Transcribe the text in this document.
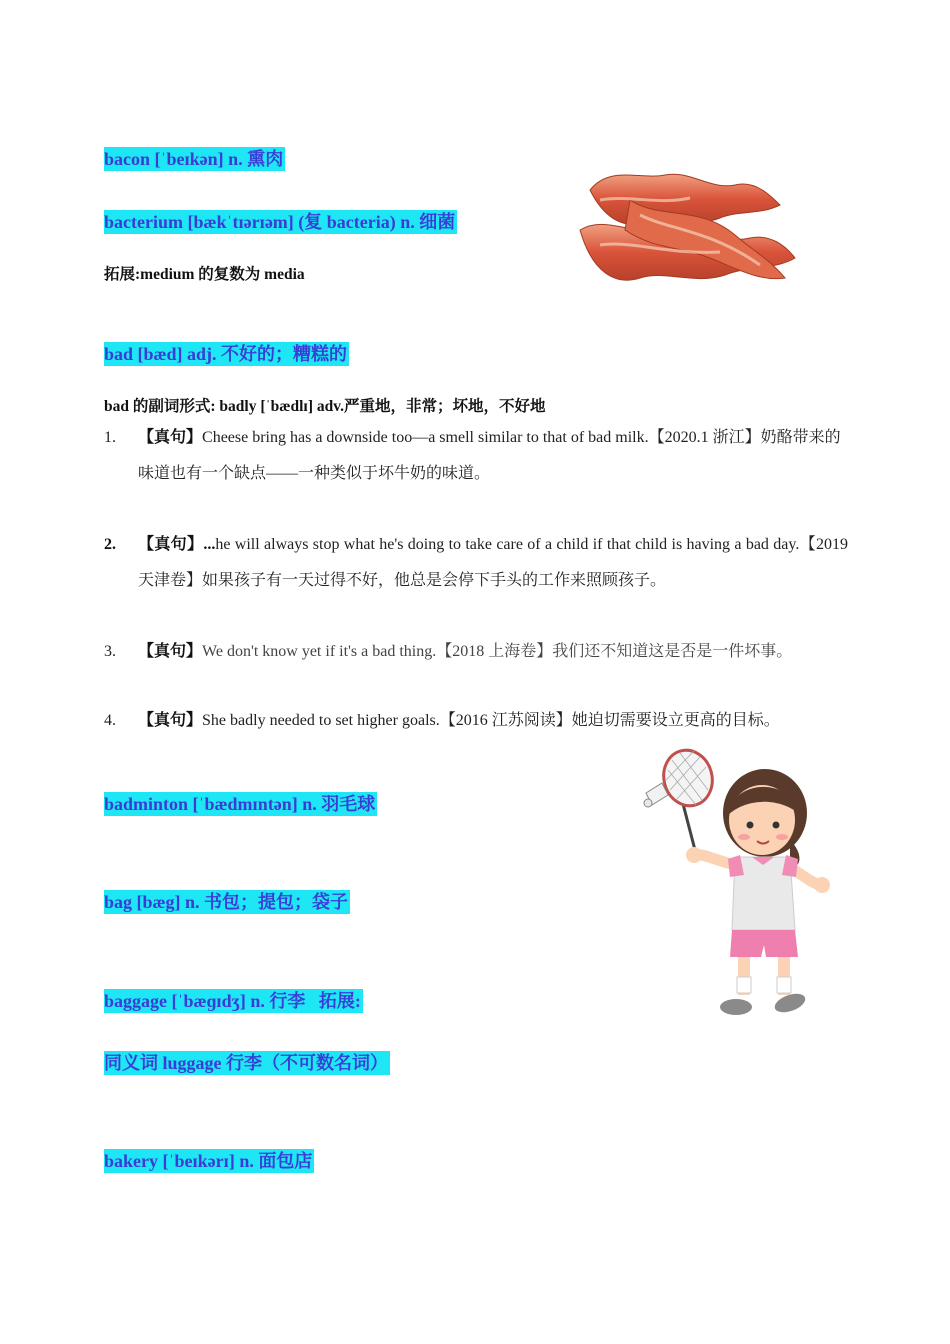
bacon [ˈbeɪkən] n. 熏肉
bacterium [bækˈtɪərɪəm] (复 bacteria) n. 细菌
拓展:medium 的复数为 media
bad [bæd] adj. 不好的；糟糕的
bad 的副词形式: badly [ˈbædlɪ] adv.严重地，非常；坏地，不好地
1. 【真句】Cheese bring has a downside too—a smell similar to that of bad milk.【2020.1 浙江】奶酪带来的味道也有一个缺点——一种类似于坏牛奶的味道。
2. 【真句】...he will always stop what he's doing to take care of a child if that child is having a bad day.【2019 天津卷】如果孩子有一天过得不好，他总是会停下手头的工作来照顾孩子。
3. 【真句】We don't know yet if it's a bad thing.【2018 上海卷】我们还不知道这是否是一件坏事。
4. 【真句】She badly needed to set higher goals.【2016 江苏阅读】她迫切需要设立更高的目标。
badminton [ˈbædmɪntən] n. 羽毛球
bag [bæg] n. 书包；提包；袋子
baggage [ˈbæɡɪdʒ] n. 行李   拓展:
同义词 luggage 行李（不可数名词）
bakery [ˈbeɪkərɪ] n. 面包店
